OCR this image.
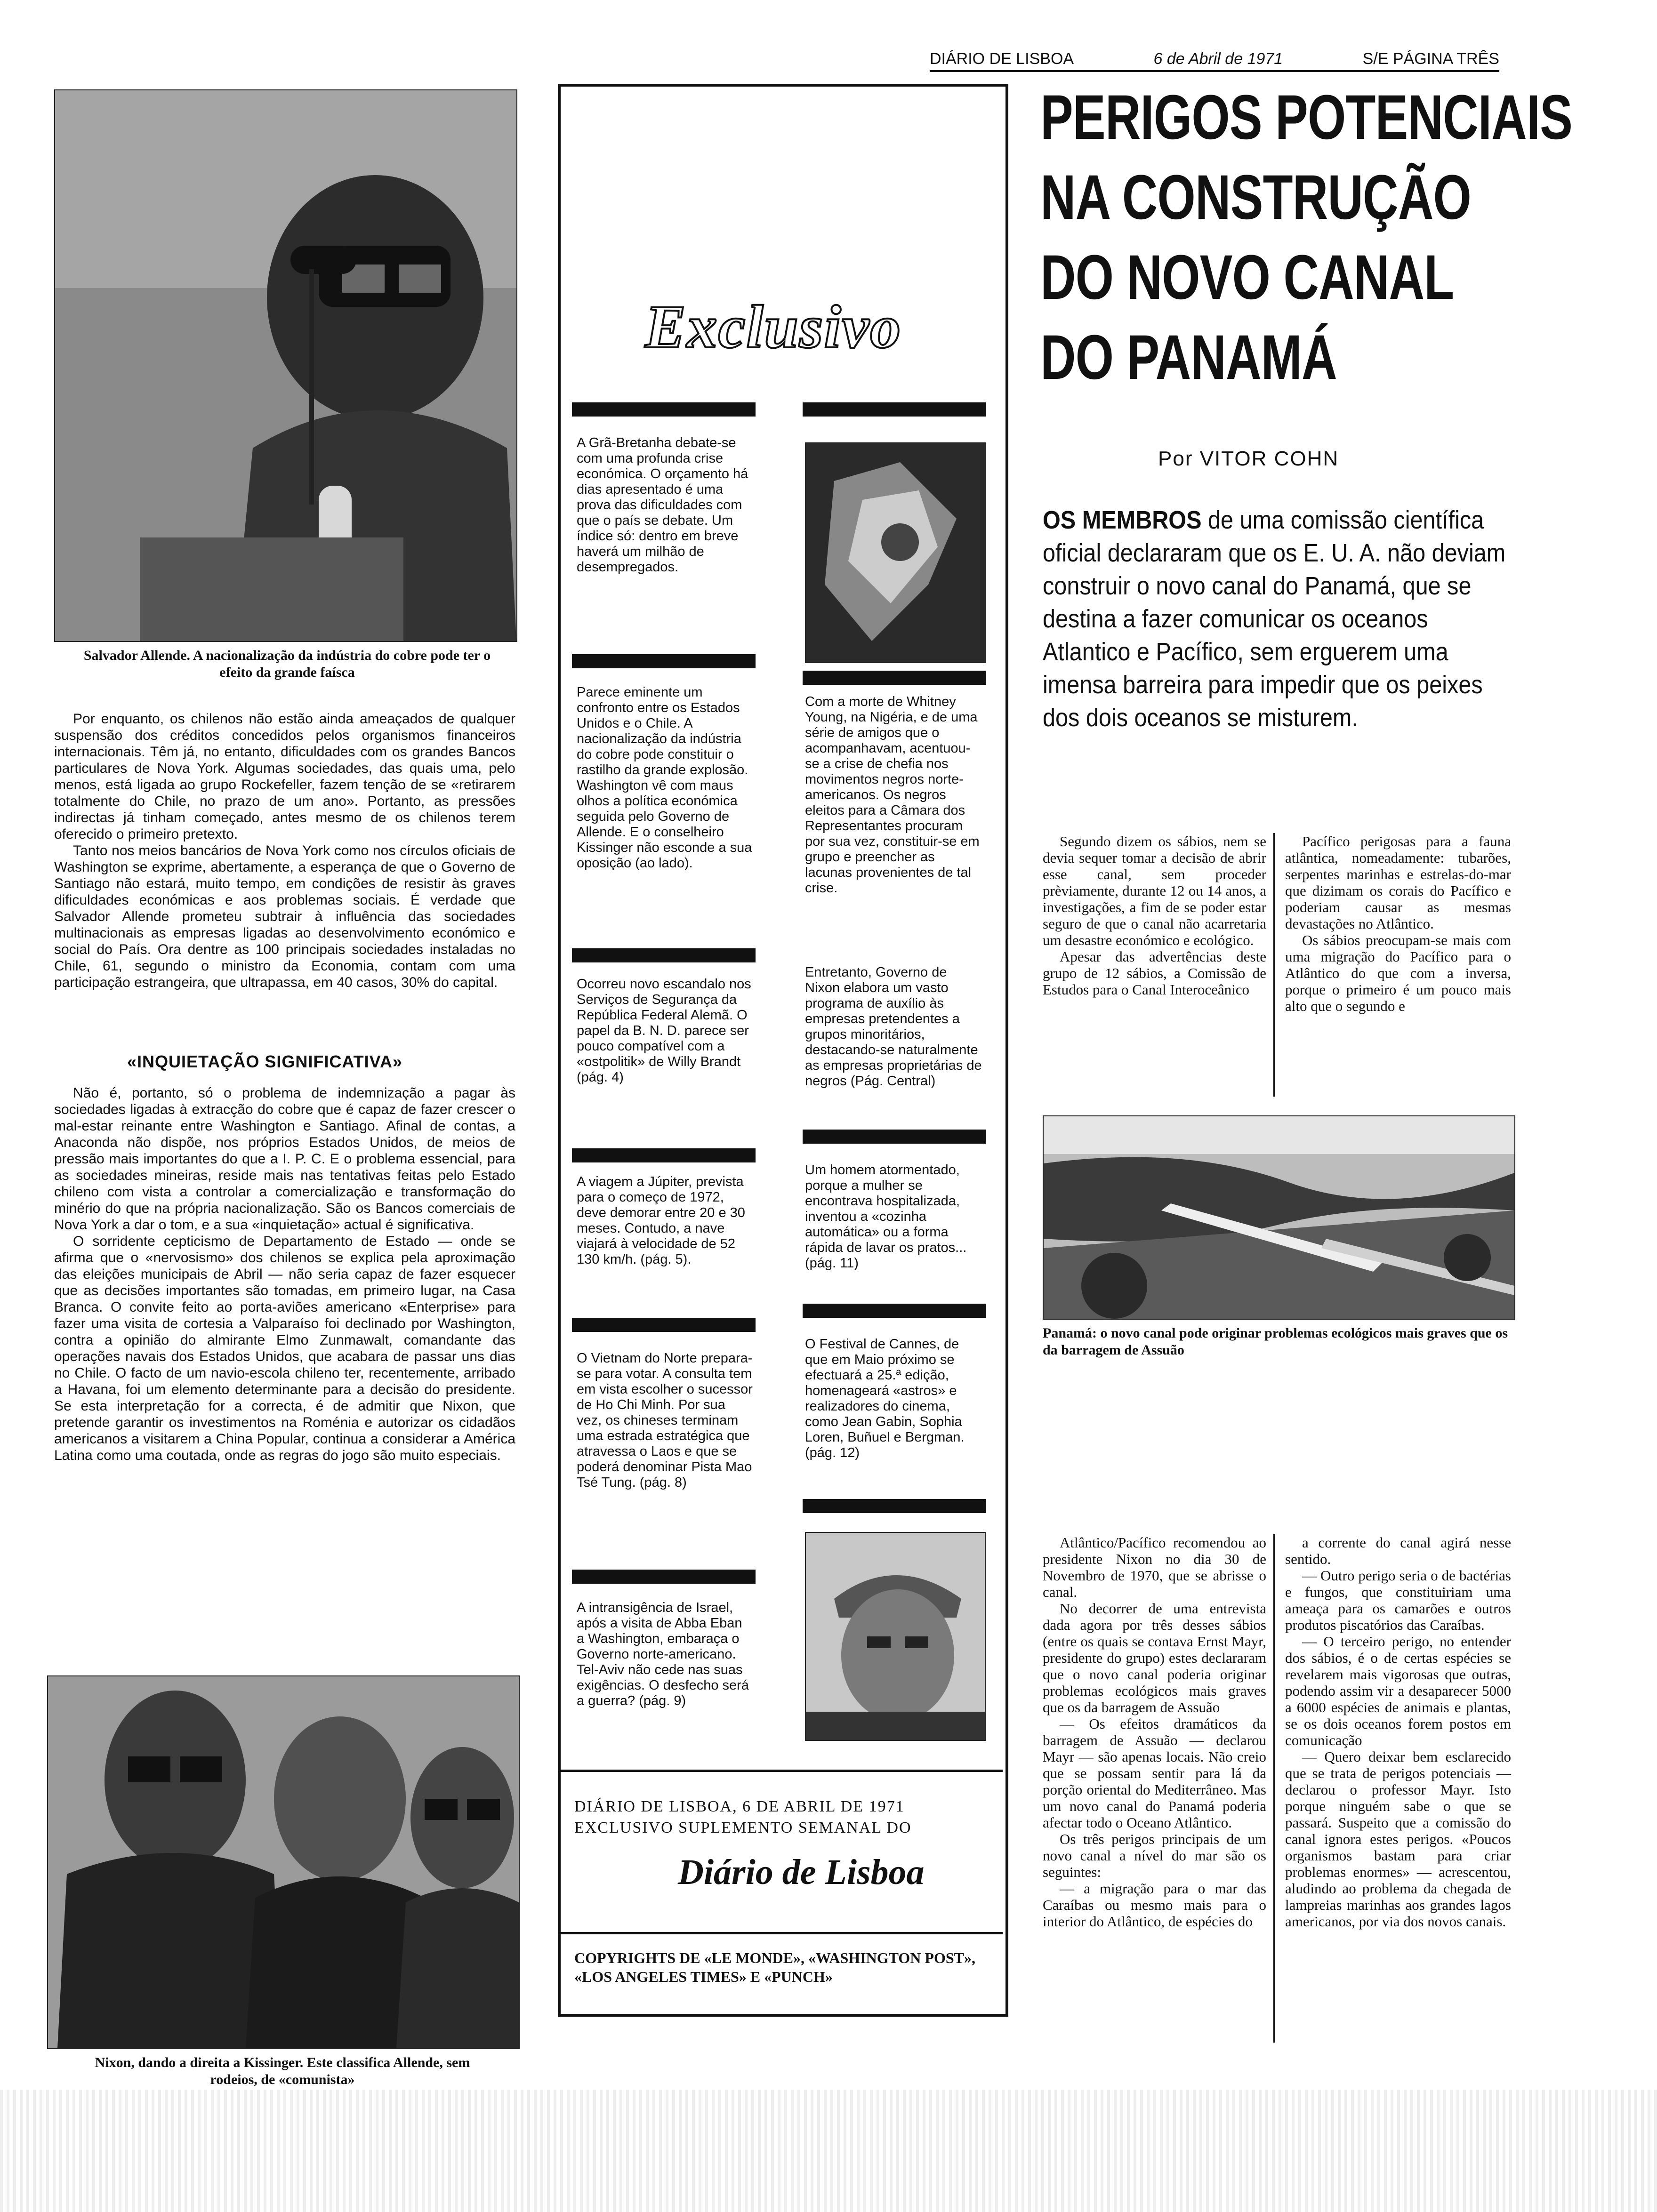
DIÁRIO DE LISBOA	6 de Abril de 1971	S/E PÁGINA TRÊS
Salvador Allende. A nacionalização da indústria do cobre pode ter o efeito da grande faísca

Por enquanto, os chilenos não estão ainda ameaçados de qualquer suspensão dos créditos concedidos pelos organismos financeiros internacionais. Têm já, no entanto, dificuldades com os grandes Bancos particulares de Nova York. Algumas sociedades, das quais uma, pelo menos, está ligada ao grupo Rockefeller, fazem tenção de se «retirarem totalmente do Chile, no prazo de um ano». Portanto, as pressões indirectas já tinham começado, antes mesmo de os chilenos terem oferecido o primeiro pretexto.

Tanto nos meios bancários de Nova York como nos círculos oficiais de Washington se exprime, abertamente, a esperança de que o Governo de Santiago não estará, muito tempo, em condições de resistir às graves dificuldades económicas e aos problemas sociais. É verdade que Salvador Allende prometeu subtrair à influência das sociedades multinacionais as empresas ligadas ao desenvolvimento económico e social do País. Ora dentre as 100 principais sociedades instaladas no Chile, 61, segundo o ministro da Economia, contam com uma participação estrangeira, que ultrapassa, em 40 casos, 30% do capital.

«INQUIETAÇÃO SIGNIFICATIVA»

Não é, portanto, só o problema de indemnização a pagar às sociedades ligadas à extracção do cobre que é capaz de fazer crescer o mal-estar reinante entre Washington e Santiago. Afinal de contas, a Anaconda não dispõe, nos próprios Estados Unidos, de meios de pressão mais importantes do que a I. P. C. E o problema essencial, para as sociedades mineiras, reside mais nas tentativas feitas pelo Estado chileno com vista a controlar a comercialização e transformação do minério do que na própria nacionalização. São os Bancos comerciais de Nova York a dar o tom, e a sua «inquietação» actual é significativa.

O sorridente cepticismo de Departamento de Estado — onde se afirma que o «nervosismo» dos chilenos se explica pela aproximação das eleições municipais de Abril — não seria capaz de fazer esquecer que as decisões importantes são tomadas, em primeiro lugar, na Casa Branca. O convite feito ao porta-aviões americano «Enterprise» para fazer uma visita de cortesia a Valparaíso foi declinado por Washington, contra a opinião do almirante Elmo Zunmawalt, comandante das operações navais dos Estados Unidos, que acabara de passar uns dias no Chile. O facto de um navio-escola chileno ter, recentemente, arribado a Havana, foi um elemento determinante para a decisão do presidente. Se esta interpretação for a correcta, é de admitir que Nixon, que pretende garantir os investimentos na Roménia e autorizar os cidadãos americanos a visitarem a China Popular, continua a considerar a América Latina como uma coutada, onde as regras do jogo são muito especiais.

Nixon, dando a direita a Kissinger. Este classifica Allende, sem rodeios, de «comunista»
Exclusivo
A Grã-Bretanha debate-se com uma profunda crise económica. O orçamento há dias apresentado é uma prova das dificuldades com que o país se debate. Um índice só: dentro em breve haverá um milhão de desempregados.
Parece eminente um confronto entre os Estados Unidos e o Chile. A nacionalização da indústria do cobre pode constituir o rastilho da grande explosão. Washington vê com maus olhos a política económica seguida pelo Governo de Allende. E o conselheiro Kissinger não esconde a sua oposição (ao lado).
Ocorreu novo escandalo nos Serviços de Segurança da República Federal Alemã. O papel da B. N. D. parece ser pouco compatível com a «ostpolitik» de Willy Brandt (pág. 4)
A viagem a Júpiter, prevista para o começo de 1972, deve demorar entre 20 e 30 meses. Contudo, a nave viajará à velocidade de 52 130 km/h. (pág. 5).
O Vietnam do Norte prepara-se para votar. A consulta tem em vista escolher o sucessor de Ho Chi Minh. Por sua vez, os chineses terminam uma estrada estratégica que atravessa o Laos e que se poderá denominar Pista Mao Tsé Tung. (pág. 8)
A intransigência de Israel, após a visita de Abba Eban a Washington, embaraça o Governo norte-americano. Tel-Aviv não cede nas suas exigências. O desfecho será a guerra? (pág. 9)
Com a morte de Whitney Young, na Nigéria, e de uma série de amigos que o acompanhavam, acentuou-se a crise de chefia nos movimentos negros norte-americanos. Os negros eleitos para a Câmara dos Representantes procuram por sua vez, constituir-se em grupo e preencher as lacunas provenientes de tal crise.
Entretanto, Governo de Nixon elabora um vasto programa de auxílio às empresas pretendentes a grupos minoritários, destacando-se naturalmente as empresas proprietárias de negros (Pág. Central)
Um homem atormentado, porque a mulher se encontrava hospitalizada, inventou a «cozinha automática» ou a forma rápida de lavar os pratos... (pág. 11)
O Festival de Cannes, de que em Maio próximo se efectuará a 25.ª edição, homenageará «astros» e realizadores do cinema, como Jean Gabin, Sophia Loren, Buñuel e Bergman. (pág. 12)
DIÁRIO DE LISBOA, 6 DE ABRIL DE 1971
EXCLUSIVO SUPLEMENTO SEMANAL DO
Diário de Lisboa
COPYRIGHTS DE «LE MONDE», «WASHINGTON POST», «LOS ANGELES TIMES» E «PUNCH»
PERIGOS POTENCIAIS
NA CONSTRUÇÃO
DO NOVO CANAL
DO PANAMÁ
Por VITOR COHN
OS MEMBROS de uma comissão científica oficial declararam que os E. U. A. não deviam construir o novo canal do Panamá, que se destina a fazer comunicar os oceanos Atlantico e Pacífico, sem erguerem uma imensa barreira para impedir que os peixes dos dois oceanos se misturem.

Segundo dizem os sábios, nem se devia sequer tomar a decisão de abrir esse canal, sem proceder prèviamente, durante 12 ou 14 anos, a investigações, a fim de se poder estar seguro de que o canal não acarretaria um desastre económico e ecológico.

Apesar das advertências deste grupo de 12 sábios, a Comissão de Estudos para o Canal Interoceânico

Pacífico perigosas para a fauna atlântica, nomeadamente: tubarões, serpentes marinhas e estrelas-do-mar que dizimam os corais do Pacífico e poderiam causar as mesmas devastações no Atlântico.

Os sábios preocupam-se mais com uma migração do Pacífico para o Atlântico do que com a inversa, porque o primeiro é um pouco mais alto que o segundo e

Panamá: o novo canal pode originar problemas ecológicos mais graves que os da barragem de Assuão

Atlântico/Pacífico recomendou ao presidente Nixon no dia 30 de Novembro de 1970, que se abrisse o canal.

No decorrer de uma entrevista dada agora por três desses sábios (entre os quais se contava Ernst Mayr, presidente do grupo) estes declararam que o novo canal poderia originar problemas ecológicos mais graves que os da barragem de Assuão

— Os efeitos dramáticos da barragem de Assuão — declarou Mayr — são apenas locais. Não creio que se possam sentir para lá da porção oriental do Mediterrâneo. Mas um novo canal do Panamá poderia afectar todo o Oceano Atlântico.

Os três perigos principais de um novo canal a nível do mar são os seguintes:

— a migração para o mar das Caraíbas ou mesmo mais para o interior do Atlântico, de espécies do

a corrente do canal agirá nesse sentido.

— Outro perigo seria o de bactérias e fungos, que constituiriam uma ameaça para os camarões e outros produtos piscatórios das Caraíbas.

— O terceiro perigo, no entender dos sábios, é o de certas espécies se revelarem mais vigorosas que outras, podendo assim vir a desaparecer 5000 a 6000 espécies de animais e plantas, se os dois oceanos forem postos em comunicação

— Quero deixar bem esclarecido que se trata de perigos potenciais — declarou o professor Mayr. Isto porque ninguém sabe o que se passará. Suspeito que a comissão do canal ignora estes perigos. «Poucos organismos bastam para criar problemas enormes» — acrescentou, aludindo ao problema da chegada de lampreias marinhas aos grandes lagos americanos, por via dos novos canais.
